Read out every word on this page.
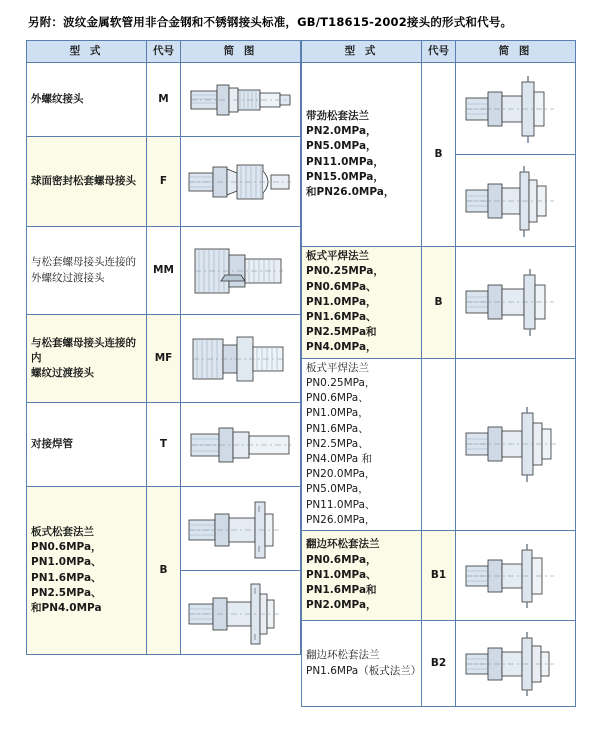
另附：波纹金属软管用非合金钢和不锈钢接头标准，GB/T18615-2002接头的形式和代号。
型 式	代号	简 图

外螺纹接头	M	

球面密封松套螺母接头	F	

与松套螺母接头连接的
外螺纹过渡接头	MM	

与松套螺母接头连接的内
螺纹过渡接头	MF	

对接焊管	T	

板式松套法兰
PN0.6MPa，PN1.0MPa、
PN1.6MPa、PN2.5MPa、
和PN4.0MPa	B	

型 式	代号	简 图

带劲松套法兰
PN2.0MPa，PN5.0MPa，
PN11.0MPa，PN15.0MPa，
和PN26.0MPa，	B	

板式平焊法兰
PN0.25MPa，PN0.6MPa、
PN1.0MPa，PN1.6MPa、
PN2.5MPa和PN4.0MPa，	B	

板式平焊法兰
PN0.25MPa，PN0.6MPa、
PN1.0MPa，PN1.6MPa、
PN2.5MPa、PN4.0MPa 和
PN20.0MPa，PN5.0MPa，
PN11.0MPa、PN26.0MPa，

翻边环松套法兰
PN0.6MPa，PN1.0MPa、
PN1.6MPa和PN2.0MPa，	B1	

翻边环松套法兰
PN1.6MPa（板式法兰）	B2	
